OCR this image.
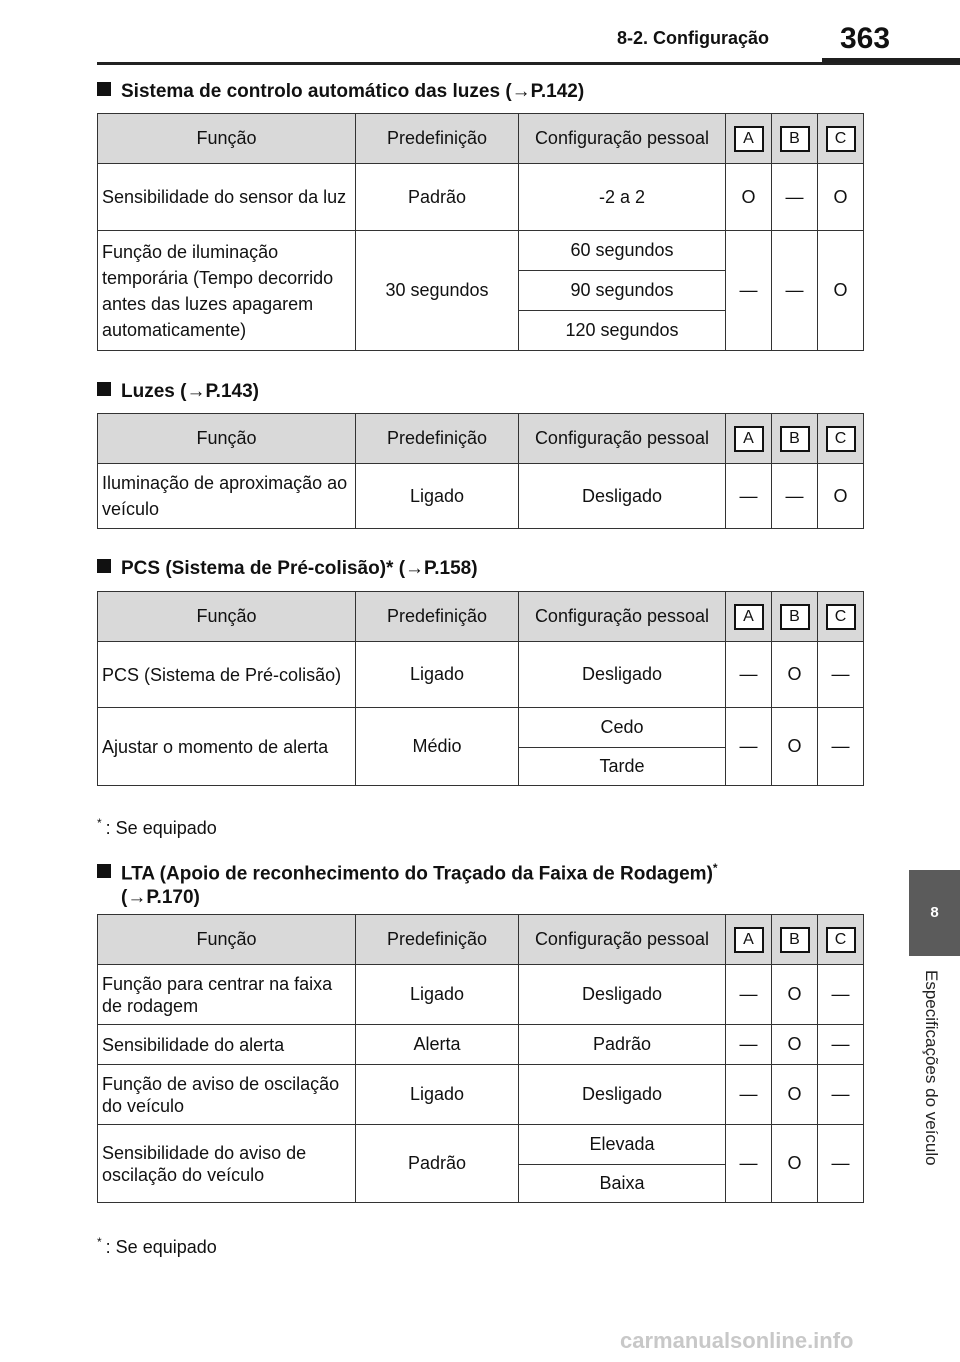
8-2. Configuração 363
8
Especificações do veículo
Sistema de controlo automático das luzes (→P.142)
Função	Predefinição	Configuração pessoal	A	B	C
Sensibilidade do sensor da luz	Padrão	-2 a 2	O	—	O
Função de iluminação temporária (Tempo decorrido antes das luzes apagarem automaticamente)	30 segundos	60 segundos	—	—	O
		90 segundos			
		120 segundos			
Luzes (→P.143)
Função	Predefinição	Configuração pessoal	A	B	C
Iluminação de aproximação ao veículo	Ligado	Desligado	—	—	O
PCS (Sistema de Pré-colisão)* (→P.158)
Função	Predefinição	Configuração pessoal	A	B	C
PCS (Sistema de Pré-colisão)	Ligado	Desligado	—	O	—
Ajustar o momento de alerta	Médio	Cedo	—	O	—
		Tarde			
* : Se equipado
LTA (Apoio de reconhecimento do Traçado da Faixa de Rodagem)*
(→P.170)
Função	Predefinição	Configuração pessoal	A	B	C
Função para centrar na faixa de rodagem	Ligado	Desligado	—	O	—
Sensibilidade do alerta	Alerta	Padrão	—	O	—
Função de aviso de oscilação do veículo	Ligado	Desligado	—	O	—
Sensibilidade do aviso de oscilação do veículo	Padrão	Elevada	—	O	—
		Baixa			
* : Se equipado
carmanualsonline.info
